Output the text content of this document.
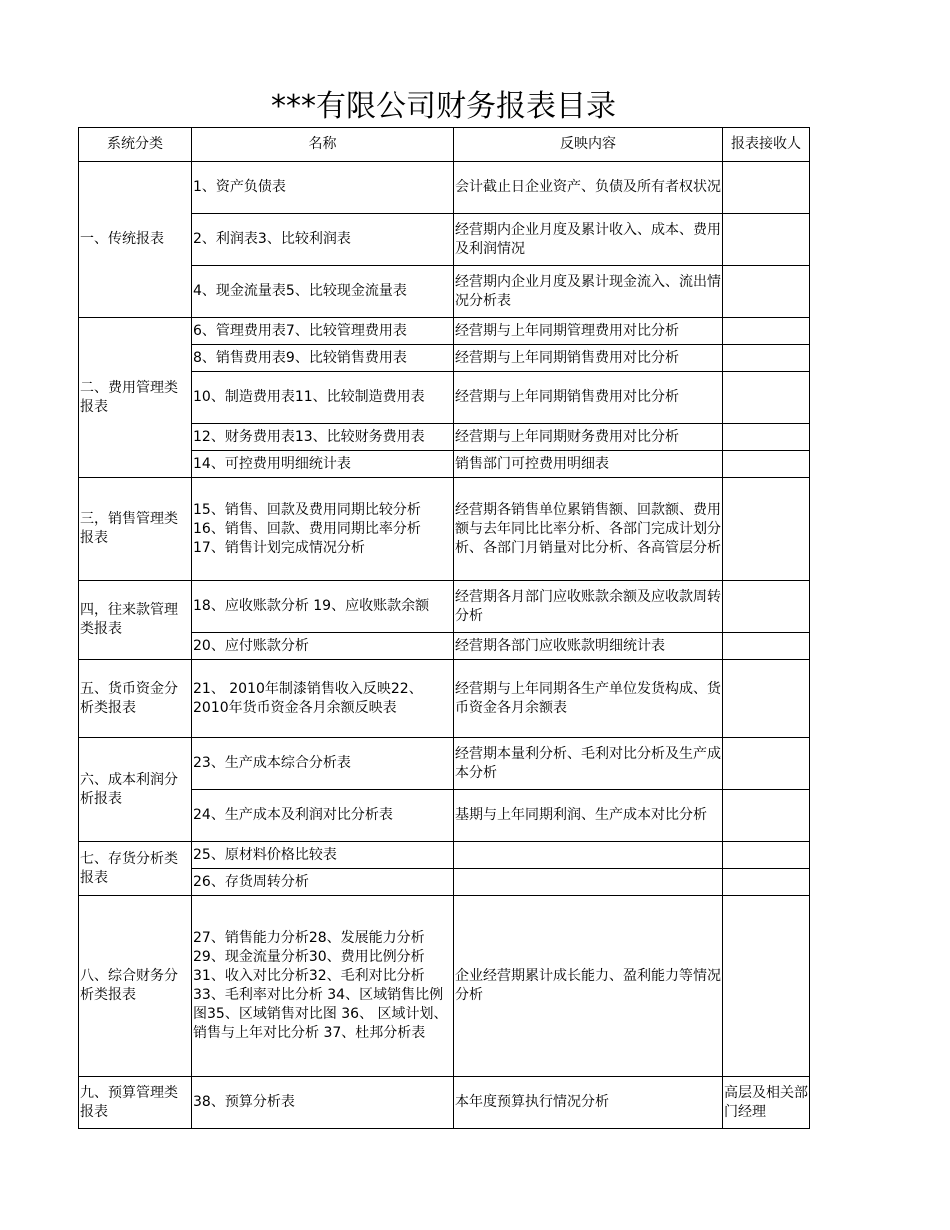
***有限公司财务报表目录
系统分类	名称	反映内容	报表接收人
一、传统报表	1、资产负债表	会计截止日企业资产、负债及所有者权状况	
	2、利润表3、比较利润表	经营期内企业月度及累计收入、成本、费用及利润情况	
	4、现金流量表5、比较现金流量表	经营期内企业月度及累计现金流入、流出情况分析表	
二、费用管理类报表	6、管理费用表7、比较管理费用表	经营期与上年同期管理费用对比分析	
	8、销售费用表9、比较销售费用表	经营期与上年同期销售费用对比分析	
	10、制造费用表11、比较制造费用表	经营期与上年同期销售费用对比分析	
	12、财务费用表13、比较财务费用表	经营期与上年同期财务费用对比分析	
	14、可控费用明细统计表	销售部门可控费用明细表	
三，销售管理类报表	15、销售、回款及费用同期比较分析16、销售、回款、费用同期比率分析17、销售计划完成情况分析	经营期各销售单位累销售额、回款额、费用额与去年同比比率分析、各部门完成计划分析、各部门月销量对比分析、各高管层分析	
四，往来款管理类报表	18、应收账款分析 19、应收账款余额	经营期各月部门应收账款余额及应收款周转分析	
	20、应付账款分析	经营期各部门应收账款明细统计表	
五、货币资金分析类报表	21、 2010年制漆销售收入反映22、 2010年货币资金各月余额反映表	经营期与上年同期各生产单位发货构成、货币资金各月余额表	
六、成本利润分析报表	23、生产成本综合分析表	经营期本量利分析、毛利对比分析及生产成本分析	
	24、生产成本及利润对比分析表	基期与上年同期利润、生产成本对比分析	
七、存货分析类报表	25、原材料价格比较表		
	26、存货周转分析		
八、综合财务分析类报表	27、销售能力分析28、发展能力分析29、现金流量分析30、费用比例分析31、收入对比分析32、毛利对比分析33、毛利率对比分析 34、区域销售比例图35、区域销售对比图 36、 区域计划、销售与上年对比分析 37、杜邦分析表	企业经营期累计成长能力、盈利能力等情况分析	
九、预算管理类报表	38、预算分析表	本年度预算执行情况分析	高层及相关部门经理
